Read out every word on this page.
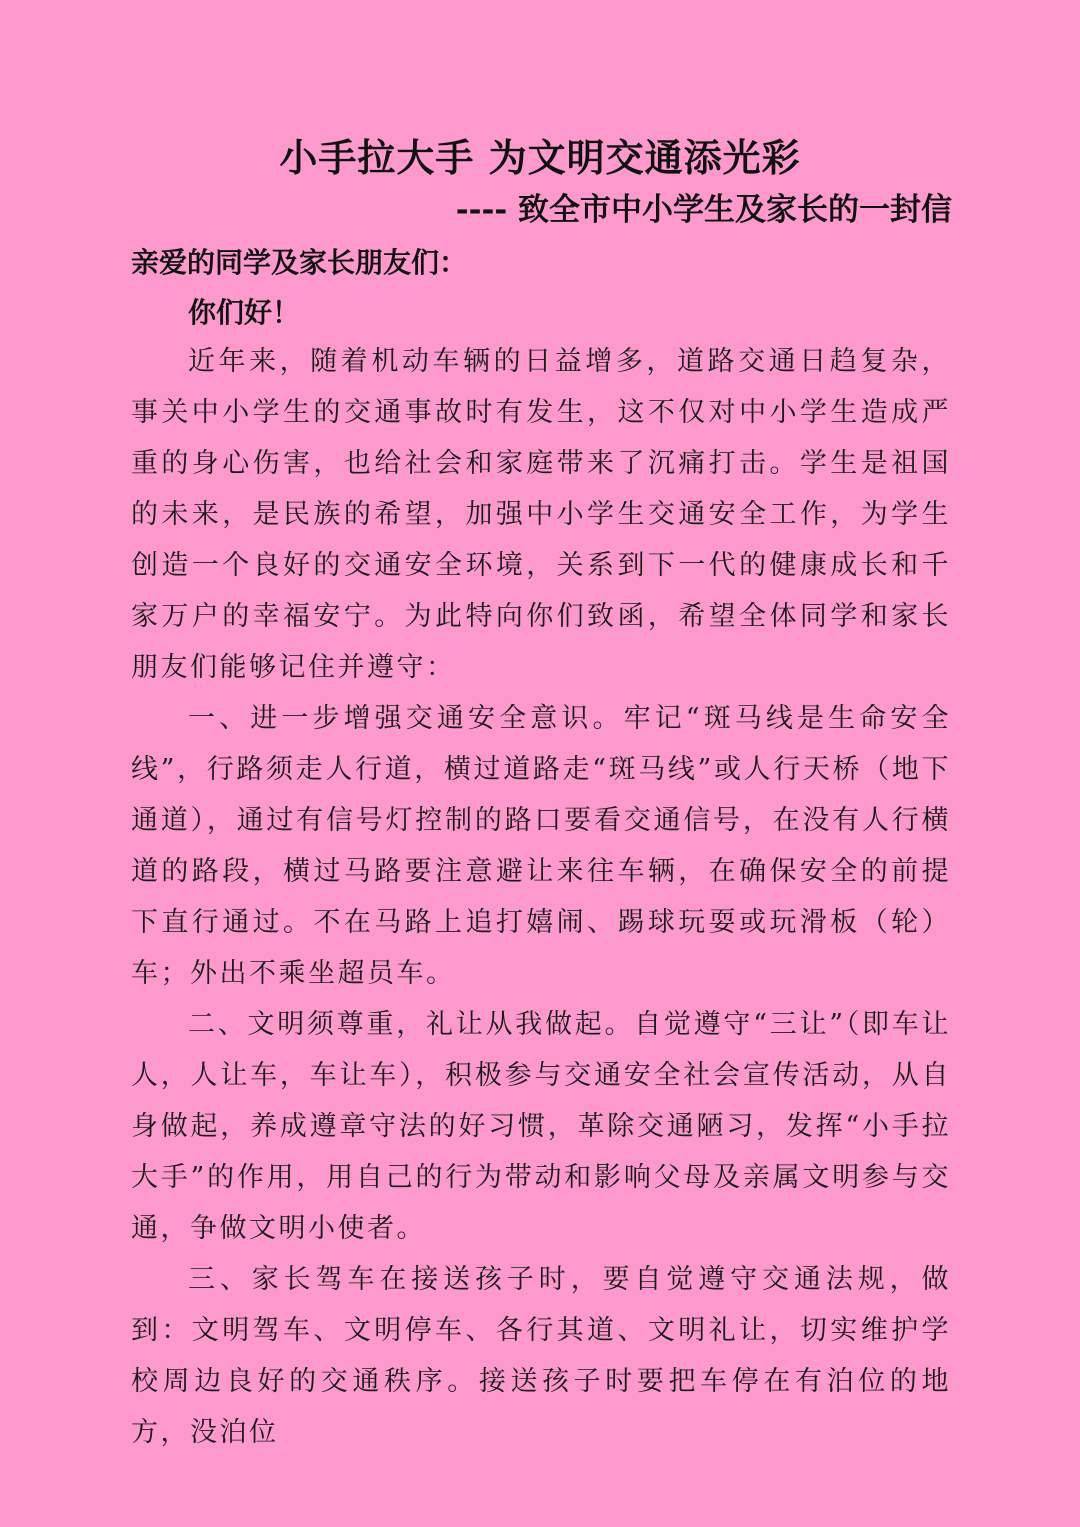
小手拉大手 为文明交通添光彩
---- 致全市中小学生及家长的一封信
亲爱的同学及家长朋友们：
你们好！

近年来，随着机动车辆的日益增多，道路交通日趋复杂，事关中小学生的交通事故时有发生，这不仅对中小学生造成严重的身心伤害，也给社会和家庭带来了沉痛打击。学生是祖国的未来，是民族的希望，加强中小学生交通安全工作，为学生创造一个良好的交通安全环境，关系到下一代的健康成长和千家万户的幸福安宁。为此特向你们致函，希望全体同学和家长朋友们能够记住并遵守：

一、进一步增强交通安全意识。牢记“斑马线是生命安全线”，行路须走人行道，横过道路走“斑马线”或人行天桥（地下通道），通过有信号灯控制的路口要看交通信号，在没有人行横道的路段，横过马路要注意避让来往车辆，在确保安全的前提下直行通过。不在马路上追打嬉闹、踢球玩耍或玩滑板（轮）车；外出不乘坐超员车。

二、文明须尊重，礼让从我做起。自觉遵守“三让”（即车让人，人让车，车让车），积极参与交通安全社会宣传活动，从自身做起，养成遵章守法的好习惯，革除交通陋习，发挥“小手拉大手”的作用，用自己的行为带动和影响父母及亲属文明参与交通，争做文明小使者。

三、家长驾车在接送孩子时，要自觉遵守交通法规，做到：文明驾车、文明停车、各行其道、文明礼让，切实维护学校周边良好的交通秩序。接送孩子时要把车停在有泊位的地方，没泊位
